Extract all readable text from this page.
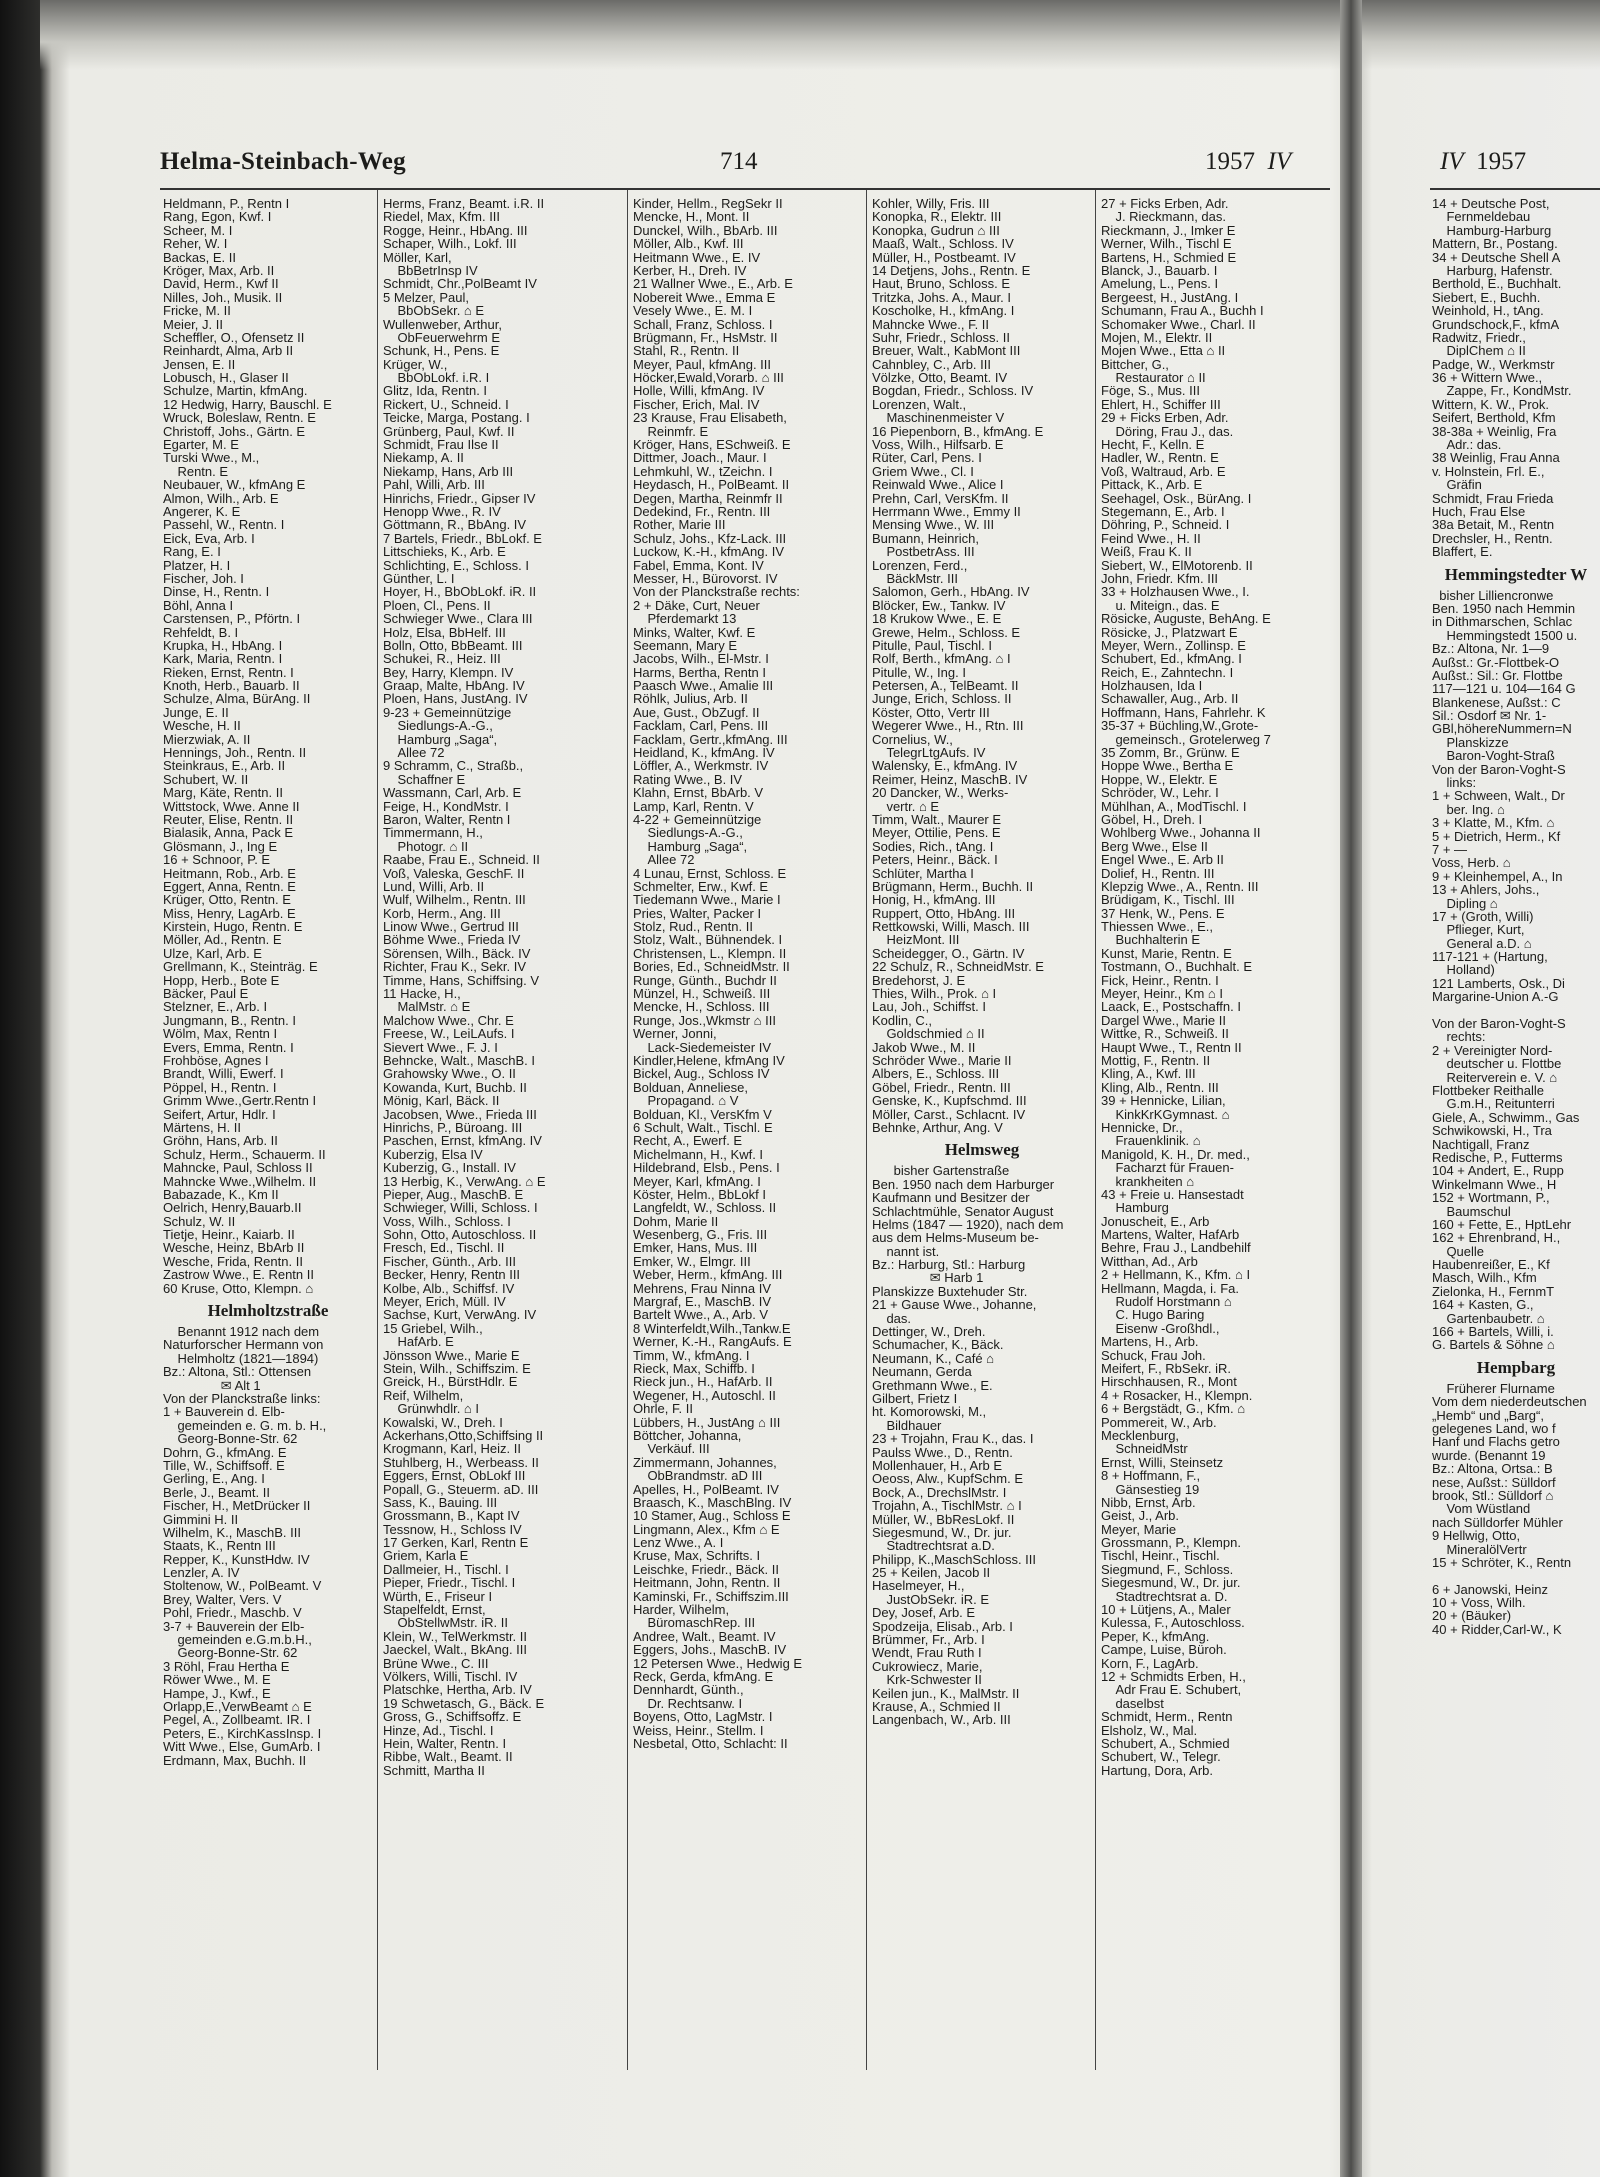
Helma-Steinbach-Weg	714	1957 IV	IV 1957
Heldmann, P., Rentn I
Rang, Egon, Kwf. I
Scheer, M. I
Reher, W. I
Backas, E. II
Kröger, Max, Arb. II
David, Herm., Kwf II
Nilles, Joh., Musik. II
Fricke, M. II
Meier, J. II
Scheffler, O., Ofensetz II
Reinhardt, Alma, Arb II
Jensen, E. II
Lobusch, H., Glaser II
Schulze, Martin, kfmAng.
12 Hedwig, Harry, Bauschl. E
Wruck, Boleslaw, Rentn. E
Christoff, Johs., Gärtn. E
Egarter, M. E
Turski Wwe., M.,
Rentn. E
Neubauer, W., kfmAng E
Almon, Wilh., Arb. E
Angerer, K. E
Passehl, W., Rentn. I
Eick, Eva, Arb. I
Rang, E. I
Platzer, H. I
Fischer, Joh. I
Dinse, H., Rentn. I
Böhl, Anna I
Carstensen, P., Pförtn. I
Rehfeldt, B. I
Krupka, H., HbAng. I
Kark, Maria, Rentn. I
Rieken, Ernst, Rentn. I
Knoth, Herb., Bauarb. II
Schulze, Alma, BürAng. II
Junge, E. II
Wesche, H. II
Mierzwiak, A. II
Hennings, Joh., Rentn. II
Steinkraus, E., Arb. II
Schubert, W. II
Marg, Käte, Rentn. II
Wittstock, Wwe. Anne II
Reuter, Elise, Rentn. II
Bialasik, Anna, Pack E
Glösmann, J., Ing E
16 + Schnoor, P. E
Heitmann, Rob., Arb. E
Eggert, Anna, Rentn. E
Krüger, Otto, Rentn. E
Miss, Henry, LagArb. E
Kirstein, Hugo, Rentn. E
Möller, Ad., Rentn. E
Ulze, Karl, Arb. E
Grellmann, K., Steinträg. E
Hopp, Herb., Bote E
Bäcker, Paul E
Stelzner, E., Arb. I
Jungmann, B., Rentn. I
Wölm, Max, Rentn I
Evers, Emma, Rentn. I
Frohböse, Agnes I
Brandt, Willi, Ewerf. I
Pöppel, H., Rentn. I
Grimm Wwe.,Gertr.Rentn I
Seifert, Artur, Hdlr. I
Märtens, H. II
Gröhn, Hans, Arb. II
Schulz, Herm., Schauerm. II
Mahncke, Paul, Schloss II
Mahncke Wwe.,Wilhelm. II
Babazade, K., Km II
Oelrich, Henry,Bauarb.II
Schulz, W. II
Tietje, Heinr., Kaiarb. II
Wesche, Heinz, BbArb II
Wesche, Frida, Rentn. II
Zastrow Wwe., E. Rentn II
60 Kruse, Otto, Klempn. ⌂
Helmholtzstraße
Benannt 1912 nach dem
Naturforscher Hermann von
Helmholtz (1821—1894)
Bz.: Altona, Stl.: Ottensen
✉ Alt 1
Von der Planckstraße links:
1 + Bauverein d. Elb-
gemeinden e. G. m. b. H.,
Georg-Bonne-Str. 62
Dohrn, G., kfmAng. E
Tille, W., Schiffsoff. E
Gerling, E., Ang. I
Berle, J., Beamt. II
Fischer, H., MetDrücker II
Gimmini H. II
Wilhelm, K., MaschB. III
Staats, K., Rentn III
Repper, K., KunstHdw. IV
Lenzler, A. IV
Stoltenow, W., PolBeamt. V
Brey, Walter, Vers. V
Pohl, Friedr., Maschb. V
3-7 + Bauverein der Elb-
gemeinden e.G.m.b.H.,
Georg-Bonne-Str. 62
3 Röhl, Frau Hertha E
Röwer Wwe., M. E
Hampe, J., Kwf., E
Orlapp,E.,VerwBeamt ⌂ E
Pegel, A., Zollbeamt. IR. I
Peters, E., KirchKassInsp. I
Witt Wwe., Else, GumArb. I
Erdmann, Max, Buchh. II
Herms, Franz, Beamt. i.R. II
Riedel, Max, Kfm. III
Rogge, Heinr., HbAng. III
Schaper, Wilh., Lokf. III
Möller, Karl,
BbBetrInsp IV
Schmidt, Chr.,PolBeamt IV
5 Melzer, Paul,
BbObSekr. ⌂ E
Wullenweber, Arthur,
ObFeuerwehrm E
Schunk, H., Pens. E
Krüger, W.,
BbObLokf. i.R. I
Glitz, Ida, Rentn. I
Rickert, U., Schneid. I
Teicke, Marga, Postang. I
Grünberg, Paul, Kwf. II
Schmidt, Frau Ilse II
Niekamp, A. II
Niekamp, Hans, Arb III
Pahl, Willi, Arb. III
Hinrichs, Friedr., Gipser IV
Henopp Wwe., R. IV
Göttmann, R., BbAng. IV
7 Bartels, Friedr., BbLokf. E
Littschieks, K., Arb. E
Schlichting, E., Schloss. I
Günther, L. I
Hoyer, H., BbObLokf. iR. II
Ploen, Cl., Pens. II
Schwieger Wwe., Clara III
Holz, Elsa, BbHelf. III
Bolln, Otto, BbBeamt. III
Schukei, R., Heiz. III
Bey, Harry, Klempn. IV
Graap, Malte, HbAng. IV
Ploen, Hans, JustAng. IV
9-23 + Gemeinnützige
Siedlungs-A.-G.,
Hamburg „Saga“,
Allee 72
9 Schramm, C., Straßb.,
Schaffner E
Wassmann, Carl, Arb. E
Feige, H., KondMstr. I
Baron, Walter, Rentn I
Timmermann, H.,
Photogr. ⌂ II
Raabe, Frau E., Schneid. II
Voß, Valeska, GeschF. II
Lund, Willi, Arb. II
Wulf, Wilhelm., Rentn. III
Korb, Herm., Ang. III
Linow Wwe., Gertrud III
Böhme Wwe., Frieda IV
Sörensen, Wilh., Bäck. IV
Richter, Frau K., Sekr. IV
Timme, Hans, Schiffsing. V
11 Hacke, H.,
MalMstr. ⌂ E
Malchow Wwe., Chr. E
Freese, W., LeiLAufs. I
Sievert Wwe., F. J. I
Behncke, Walt., MaschB. I
Grahowsky Wwe., O. II
Kowanda, Kurt, Buchb. II
Mönig, Karl, Bäck. II
Jacobsen, Wwe., Frieda III
Hinrichs, P., Büroang. III
Paschen, Ernst, kfmAng. IV
Kuberzig, Elsa IV
Kuberzig, G., Install. IV
13 Herbig, K., VerwAng. ⌂ E
Pieper, Aug., MaschB. E
Schwieger, Willi, Schloss. I
Voss, Wilh., Schloss. I
Sohn, Otto, Autoschloss. II
Fresch, Ed., Tischl. II
Fischer, Günth., Arb. III
Becker, Henry, Rentn III
Kolbe, Alb., Schiffsf. IV
Meyer, Erich, Müll. IV
Sachse, Kurt, VerwAng. IV
15 Griebel, Wilh.,
HafArb. E
Jönsson Wwe., Marie E
Stein, Wilh., Schiffszim. E
Greick, H., BürstHdlr. E
Reif, Wilhelm,
Grünwhdlr. ⌂ I
Kowalski, W., Dreh. I
Ackerhans,Otto,Schiffsing II
Krogmann, Karl, Heiz. II
Stuhlberg, H., Werbeass. II
Eggers, Ernst, ObLokf III
Popall, G., Steuerm. aD. III
Sass, K., Bauing. III
Grossmann, B., Kapt IV
Tessnow, H., Schloss IV
17 Gerken, Karl, Rentn E
Griem, Karla E
Dallmeier, H., Tischl. I
Pieper, Friedr., Tischl. I
Würth, E., Friseur I
Stapelfeldt, Ernst,
ObStellwMstr. iR. II
Klein, W., TelWerkmstr. II
Jaeckel, Walt., BkAng. III
Brüne Wwe., C. III
Völkers, Willi, Tischl. IV
Platschke, Hertha, Arb. IV
19 Schwetasch, G., Bäck. E
Gross, G., Schiffsoffz. E
Hinze, Ad., Tischl. I
Hein, Walter, Rentn. I
Ribbe, Walt., Beamt. II
Schmitt, Martha II
Kinder, Hellm., RegSekr II
Mencke, H., Mont. II
Dunckel, Wilh., BbArb. III
Möller, Alb., Kwf. III
Heitmann Wwe., E. IV
Kerber, H., Dreh. IV
21 Wallner Wwe., E., Arb. E
Nobereit Wwe., Emma E
Vesely Wwe., E. M. I
Schall, Franz, Schloss. I
Brügmann, Fr., HsMstr. II
Stahl, R., Rentn. II
Meyer, Paul, kfmAng. III
Höcker,Ewald,Vorarb. ⌂ III
Holle, Willi, kfmAng. IV
Fischer, Erich, Mal. IV
23 Krause, Frau Elisabeth,
Reinmfr. E
Kröger, Hans, ESchweiß. E
Dittmer, Joach., Maur. I
Lehmkuhl, W., tZeichn. I
Heydasch, H., PolBeamt. II
Degen, Martha, Reinmfr II
Dedekind, Fr., Rentn. III
Rother, Marie III
Schulz, Johs., Kfz-Lack. III
Luckow, K.-H., kfmAng. IV
Fabel, Emma, Kont. IV
Messer, H., Bürovorst. IV
Von der Planckstraße rechts:
2 + Däke, Curt, Neuer
Pferdemarkt 13
Minks, Walter, Kwf. E
Seemann, Mary E
Jacobs, Wilh., El-Mstr. I
Harms, Bertha, Rentn I
Paasch Wwe., Amalie III
Röhlk, Julius, Arb. II
Aue, Gust., ObZugf. II
Facklam, Carl, Pens. III
Facklam, Gertr.,kfmAng. III
Heidland, K., kfmAng. IV
Löffler, A., Werkmstr. IV
Rating Wwe., B. IV
Klahn, Ernst, BbArb. V
Lamp, Karl, Rentn. V
4-22 + Gemeinnützige
Siedlungs-A.-G.,
Hamburg „Saga“,
Allee 72
4 Lunau, Ernst, Schloss. E
Schmelter, Erw., Kwf. E
Tiedemann Wwe., Marie I
Pries, Walter, Packer I
Stolz, Rud., Rentn. II
Stolz, Walt., Bühnendek. I
Christensen, L., Klempn. II
Bories, Ed., SchneidMstr. II
Runge, Günth., Buchdr II
Münzel, H., Schweiß. III
Mencke, H., Schloss. III
Runge, Jos.,Wkmstr ⌂ III
Werner, Jonni,
Lack-Siedemeister IV
Kindler,Helene, kfmAng IV
Bickel, Aug., Schloss IV
Bolduan, Anneliese,
Propagand. ⌂ V
Bolduan, Kl., VersKfm V
6 Schult, Walt., Tischl. E
Recht, A., Ewerf. E
Michelmann, H., Kwf. I
Hildebrand, Elsb., Pens. I
Meyer, Karl, kfmAng. I
Köster, Helm., BbLokf I
Langfeldt, W., Schloss. II
Dohm, Marie II
Wesenberg, G., Fris. III
Emker, Hans, Mus. III
Emker, W., Elmgr. III
Weber, Herm., kfmAng. III
Mehrens, Frau Ninna IV
Margraf, E., MaschB. IV
Bartelt Wwe., A., Arb. V
8 Winterfeldt,Wilh.,Tankw.E
Werner, K.-H., RangAufs. E
Timm, W., kfmAng. I
Rieck, Max, Schiffb. I
Rieck jun., H., HafArb. II
Wegener, H., Autoschl. II
Ohrle, F. II
Lübbers, H., JustAng ⌂ III
Böttcher, Johanna,
Verkäuf. III
Zimmermann, Johannes,
ObBrandmstr. aD III
Apelles, H., PolBeamt. IV
Braasch, K., MaschBlng. IV
10 Stamer, Aug., Schloss E
Lingmann, Alex., Kfm ⌂ E
Lenz Wwe., A. I
Kruse, Max, Schrifts. I
Leischke, Friedr., Bäck. II
Heitmann, John, Rentn. II
Kaminski, Fr., Schiffszim.III
Harder, Wilhelm,
BüromaschRep. III
Andree, Walt., Beamt. IV
Eggers, Johs., MaschB. IV
12 Petersen Wwe., Hedwig E
Reck, Gerda, kfmAng. E
Dennhardt, Günth.,
Dr. Rechtsanw. I
Boyens, Otto, LagMstr. I
Weiss, Heinr., Stellm. I
Nesbetal, Otto, Schlacht: II
Kohler, Willy, Fris. III
Konopka, R., Elektr. III
Konopka, Gudrun ⌂ III
Maaß, Walt., Schloss. IV
Müller, H., Postbeamt. IV
14 Detjens, Johs., Rentn. E
Haut, Bruno, Schloss. E
Tritzka, Johs. A., Maur. I
Koscholke, H., kfmAng. I
Mahncke Wwe., F. II
Suhr, Friedr., Schloss. II
Breuer, Walt., KabMont III
Cahnbley, C., Arb. III
Völzke, Otto, Beamt. IV
Bogdan, Friedr., Schloss. IV
Lorenzen, Walt.,
Maschinenmeister V
16 Piepenborn, B., kfmAng. E
Voss, Wilh., Hilfsarb. E
Rüter, Carl, Pens. I
Griem Wwe., Cl. I
Reinwald Wwe., Alice I
Prehn, Carl, VersKfm. II
Herrmann Wwe., Emmy II
Mensing Wwe., W. III
Bumann, Heinrich,
PostbetrAss. III
Lorenzen, Ferd.,
BäckMstr. III
Salomon, Gerh., HbAng. IV
Blöcker, Ew., Tankw. IV
18 Krukow Wwe., E. E
Grewe, Helm., Schloss. E
Pitulle, Paul, Tischl. I
Rolf, Berth., kfmAng. ⌂ I
Pitulle, W., Ing. I
Petersen, A., TelBeamt. II
Junge, Erich, Schloss. II
Köster, Otto, Vertr III
Wegerer Wwe., H., Rtn. III
Cornelius, W.,
TelegrLtgAufs. IV
Walensky, E., kfmAng. IV
Reimer, Heinz, MaschB. IV
20 Dancker, W., Werks-
vertr. ⌂ E
Timm, Walt., Maurer E
Meyer, Ottilie, Pens. E
Sodies, Rich., tAng. I
Peters, Heinr., Bäck. I
Schlüter, Martha I
Brügmann, Herm., Buchh. II
Honig, H., kfmAng. III
Ruppert, Otto, HbAng. III
Rettkowski, Willi, Masch. III
HeizMont. III
Scheidegger, O., Gärtn. IV
22 Schulz, R., SchneidMstr. E
Bredehorst, J. E
Thies, Wilh., Prok. ⌂ I
Lau, Joh., Schiffst. I
Kodlin, C.,
Goldschmied ⌂ II
Jakob Wwe., M. II
Schröder Wwe., Marie II
Albers, E., Schloss. III
Göbel, Friedr., Rentn. III
Genske, K., Kupfschmd. III
Möller, Carst., Schlacnt. IV
Behnke, Arthur, Ang. V
Helmsweg
bisher Gartenstraße
Ben. 1950 nach dem Harburger
Kaufmann und Besitzer der
Schlachtmühle, Senator August
Helms (1847 — 1920), nach dem
aus dem Helms-Museum be-
nannt ist.
Bz.: Harburg, Stl.: Harburg
✉ Harb 1
Planskizze Buxtehuder Str.
21 + Gause Wwe., Johanne,
das.
Dettinger, W., Dreh.
Schumacher, K., Bäck.
Neumann, K., Café ⌂
Neumann, Gerda
Grethmann Wwe., E.
Gilbert, Frietz I
ht. Komorowski, M.,
Bildhauer
23 + Trojahn, Frau K., das. I
Paulss Wwe., D., Rentn.
Mollenhauer, H., Arb E
Oeoss, Alw., KupfSchm. E
Bock, A., DrechslMstr. I
Trojahn, A., TischlMstr. ⌂ I
Müller, W., BbResLokf. II
Siegesmund, W., Dr. jur.
Stadtrechtsrat a.D.
Philipp, K.,MaschSchloss. III
25 + Keilen, Jacob II
Haselmeyer, H.,
JustObSekr. iR. E
Dey, Josef, Arb. E
Spodzeija, Elisab., Arb. I
Brümmer, Fr., Arb. I
Wendt, Frau Ruth I
Cukrowiecz, Marie,
Krk-Schwester II
Keilen jun., K., MalMstr. II
Krause, A., Schmied II
Langenbach, W., Arb. III
27 + Ficks Erben, Adr.
J. Rieckmann, das.
Rieckmann, J., Imker E
Werner, Wilh., Tischl E
Bartens, H., Schmied E
Blanck, J., Bauarb. I
Amelung, L., Pens. I
Bergeest, H., JustAng. I
Schumann, Frau A., Buchh I
Schomaker Wwe., Charl. II
Mojen, M., Elektr. II
Mojen Wwe., Etta ⌂ II
Bittcher, G.,
Restaurator ⌂ II
Föge, S., Mus. III
Ehlert, H., Schiffer III
29 + Ficks Erben, Adr.
Döring, Frau J., das.
Hecht, F., Kelln. E
Hadler, W., Rentn. E
Voß, Waltraud, Arb. E
Pittack, K., Arb. E
Seehagel, Osk., BürAng. I
Stegemann, E., Arb. I
Döhring, P., Schneid. I
Feind Wwe., H. II
Weiß, Frau K. II
Siebert, W., ElMotorenb. II
John, Friedr. Kfm. III
33 + Holzhausen Wwe., I.
u. Miteign., das. E
Rösicke, Auguste, BehAng. E
Rösicke, J., Platzwart E
Meyer, Wern., Zollinsp. E
Schubert, Ed., kfmAng. I
Reich, E., Zahntechn. I
Holzhausen, Ida I
Schawaller, Aug., Arb. II
Hoffmann, Hans, Fahrlehr. K
35-37 + Büchling,W.,Grote-
gemeinsch., Grotelerweg 7
35 Zomm, Br., Grünw. E
Hoppe Wwe., Bertha E
Hoppe, W., Elektr. E
Schröder, W., Lehr. I
Mühlhan, A., ModTischl. I
Göbel, H., Dreh. I
Wohlberg Wwe., Johanna II
Berg Wwe., Else II
Engel Wwe., E. Arb II
Dolief, H., Rentn. III
Klepzig Wwe., A., Rentn. III
Brüdigam, K., Tischl. III
37 Henk, W., Pens. E
Thiessen Wwe., E.,
Buchhalterin E
Kunst, Marie, Rentn. E
Tostmann, O., Buchhalt. E
Fick, Heinr., Rentn. I
Meyer, Heinr., Km ⌂ I
Laack, E., Postschaffn. I
Dargel Wwe., Marie II
Wittke, R., Schweiß. II
Haupt Wwe., T., Rentn II
Mottig, F., Rentn. II
Kling, A., Kwf. III
Kling, Alb., Rentn. III
39 + Hennicke, Lilian,
KinkKrKGymnast. ⌂
Hennicke, Dr.,
Frauenklinik. ⌂
Manigold, K. H., Dr. med.,
Facharzt für Frauen-
krankheiten ⌂
43 + Freie u. Hansestadt
Hamburg
Jonuscheit, E., Arb
Martens, Walter, HafArb
Behre, Frau J., Landbehilf
Witthan, Ad., Arb
2 + Hellmann, K., Kfm. ⌂ I
Hellmann, Magda, i. Fa.
Rudolf Horstmann ⌂
C. Hugo Baring
Eisenw -Großhdl.,
Martens, H., Arb.
Schuck, Frau Joh.
Meifert, F., RbSekr. iR.
Hirschhausen, R., Mont
4 + Rosacker, H., Klempn.
6 + Bergstädt, G., Kfm. ⌂
Pommereit, W., Arb.
Mecklenburg,
SchneidMstr
Ernst, Willi, Steinsetz
8 + Hoffmann, F.,
Gänsestieg 19
Nibb, Ernst, Arb.
Geist, J., Arb.
Meyer, Marie
Grossmann, P., Klempn.
Tischl, Heinr., Tischl.
Siegmund, F., Schloss.
Siegesmund, W., Dr. jur.
Stadtrechtsrat a. D.
10 + Lütjens, A., Maler
Kulessa, F., Autoschloss.
Peper, K., kfmAng.
Campe, Luise, Büroh.
Korn, F., LagArb.
12 + Schmidts Erben, H.,
Adr Frau E. Schubert,
daselbst
Schmidt, Herm., Rentn
Elsholz, W., Mal.
Schubert, A., Schmied
Schubert, W., Telegr.
Hartung, Dora, Arb.
14 + Deutsche Post,
Fernmeldebau
Hamburg-Harburg
Mattern, Br., Postang.
34 + Deutsche Shell A
Harburg, Hafenstr.
Berthold, E., Buchhalt.
Siebert, E., Buchh.
Weinhold, H., tAng.
Grundschock,F., kfmA
Radwitz, Friedr.,
DiplChem ⌂ II
Padge, W., Werkmstr
36 + Wittern Wwe.,
Zappe, Fr., KondMstr.
Wittern, K. W., Prok.
Seifert, Berthold, Kfm
38-38a + Weinlig, Fra
Adr.: das.
38 Weinlig, Frau Anna
v. Holnstein, Frl. E.,
Gräfin
Schmidt, Frau Frieda
Huch, Frau Else
38a Betait, M., Rentn
Drechsler, H., Rentn.
Blaffert, E.
Hemmingstedter W
bisher Lilliencronwe
Ben. 1950 nach Hemmin
in Dithmarschen, Schlac
Hemmingstedt 1500 u.
Bz.: Altona, Nr. 1—9
Außst.: Gr.-Flottbek-O
Außst.: Sil.: Gr. Flottbe
117—121 u. 104—164 G
Blankenese, Außst.: C
Sil.: Osdorf ✉ Nr. 1-
GBl,höhereNummern=N
Planskizze
Baron-Voght-Straß
Von der Baron-Voght-S
links:
1 + Schween, Walt., Dr
ber. Ing. ⌂
3 + Klatte, M., Kfm. ⌂
5 + Dietrich, Herm., Kf
7 + —
Voss, Herb. ⌂
9 + Kleinhempel, A., In
13 + Ahlers, Johs.,
Dipling ⌂
17 + (Groth, Willi)
Pflieger, Kurt,
General a.D. ⌂
117-121 + (Hartung,
Holland)
121 Lamberts, Osk., Di
Margarine-Union A.-G
Von der Baron-Voght-S
rechts:
2 + Vereinigter Nord-
deutscher u. Flottbe
Reiterverein e. V. ⌂
Flottbeker Reithalle
G.m.H., Reitunterri
Giele, A., Schwimm., Gas
Schwikowski, H., Tra
Nachtigall, Franz
Redische, P., Futterms
104 + Andert, E., Rupp
Winkelmann Wwe., H
152 + Wortmann, P.,
Baumschul
160 + Fette, E., HptLehr
162 + Ehrenbrand, H.,
Quelle
Haubenreißer, E., Kf
Masch, Wilh., Kfm
Zielonka, H., FernmT
164 + Kasten, G.,
Gartenbaubetr. ⌂
166 + Bartels, Willi, i.
G. Bartels & Söhne ⌂
Hempbarg
Früherer Flurname
Vom dem niederdeutschen
„Hemb“ und „Barg“,
gelegenes Land, wo f
Hanf und Flachs getro
wurde. (Benannt 19
Bz.: Altona, Ortsa.: B
nese, Außst.: Sülldorf
brook, Stl.: Sülldorf ⌂
Vom Wüstland
nach Sülldorfer Mühler
9 Hellwig, Otto,
MineralölVertr
15 + Schröter, K., Rentn
6 + Janowski, Heinz
10 + Voss, Wilh.
20 + (Bäuker)
40 + Ridder,Carl-W., K
